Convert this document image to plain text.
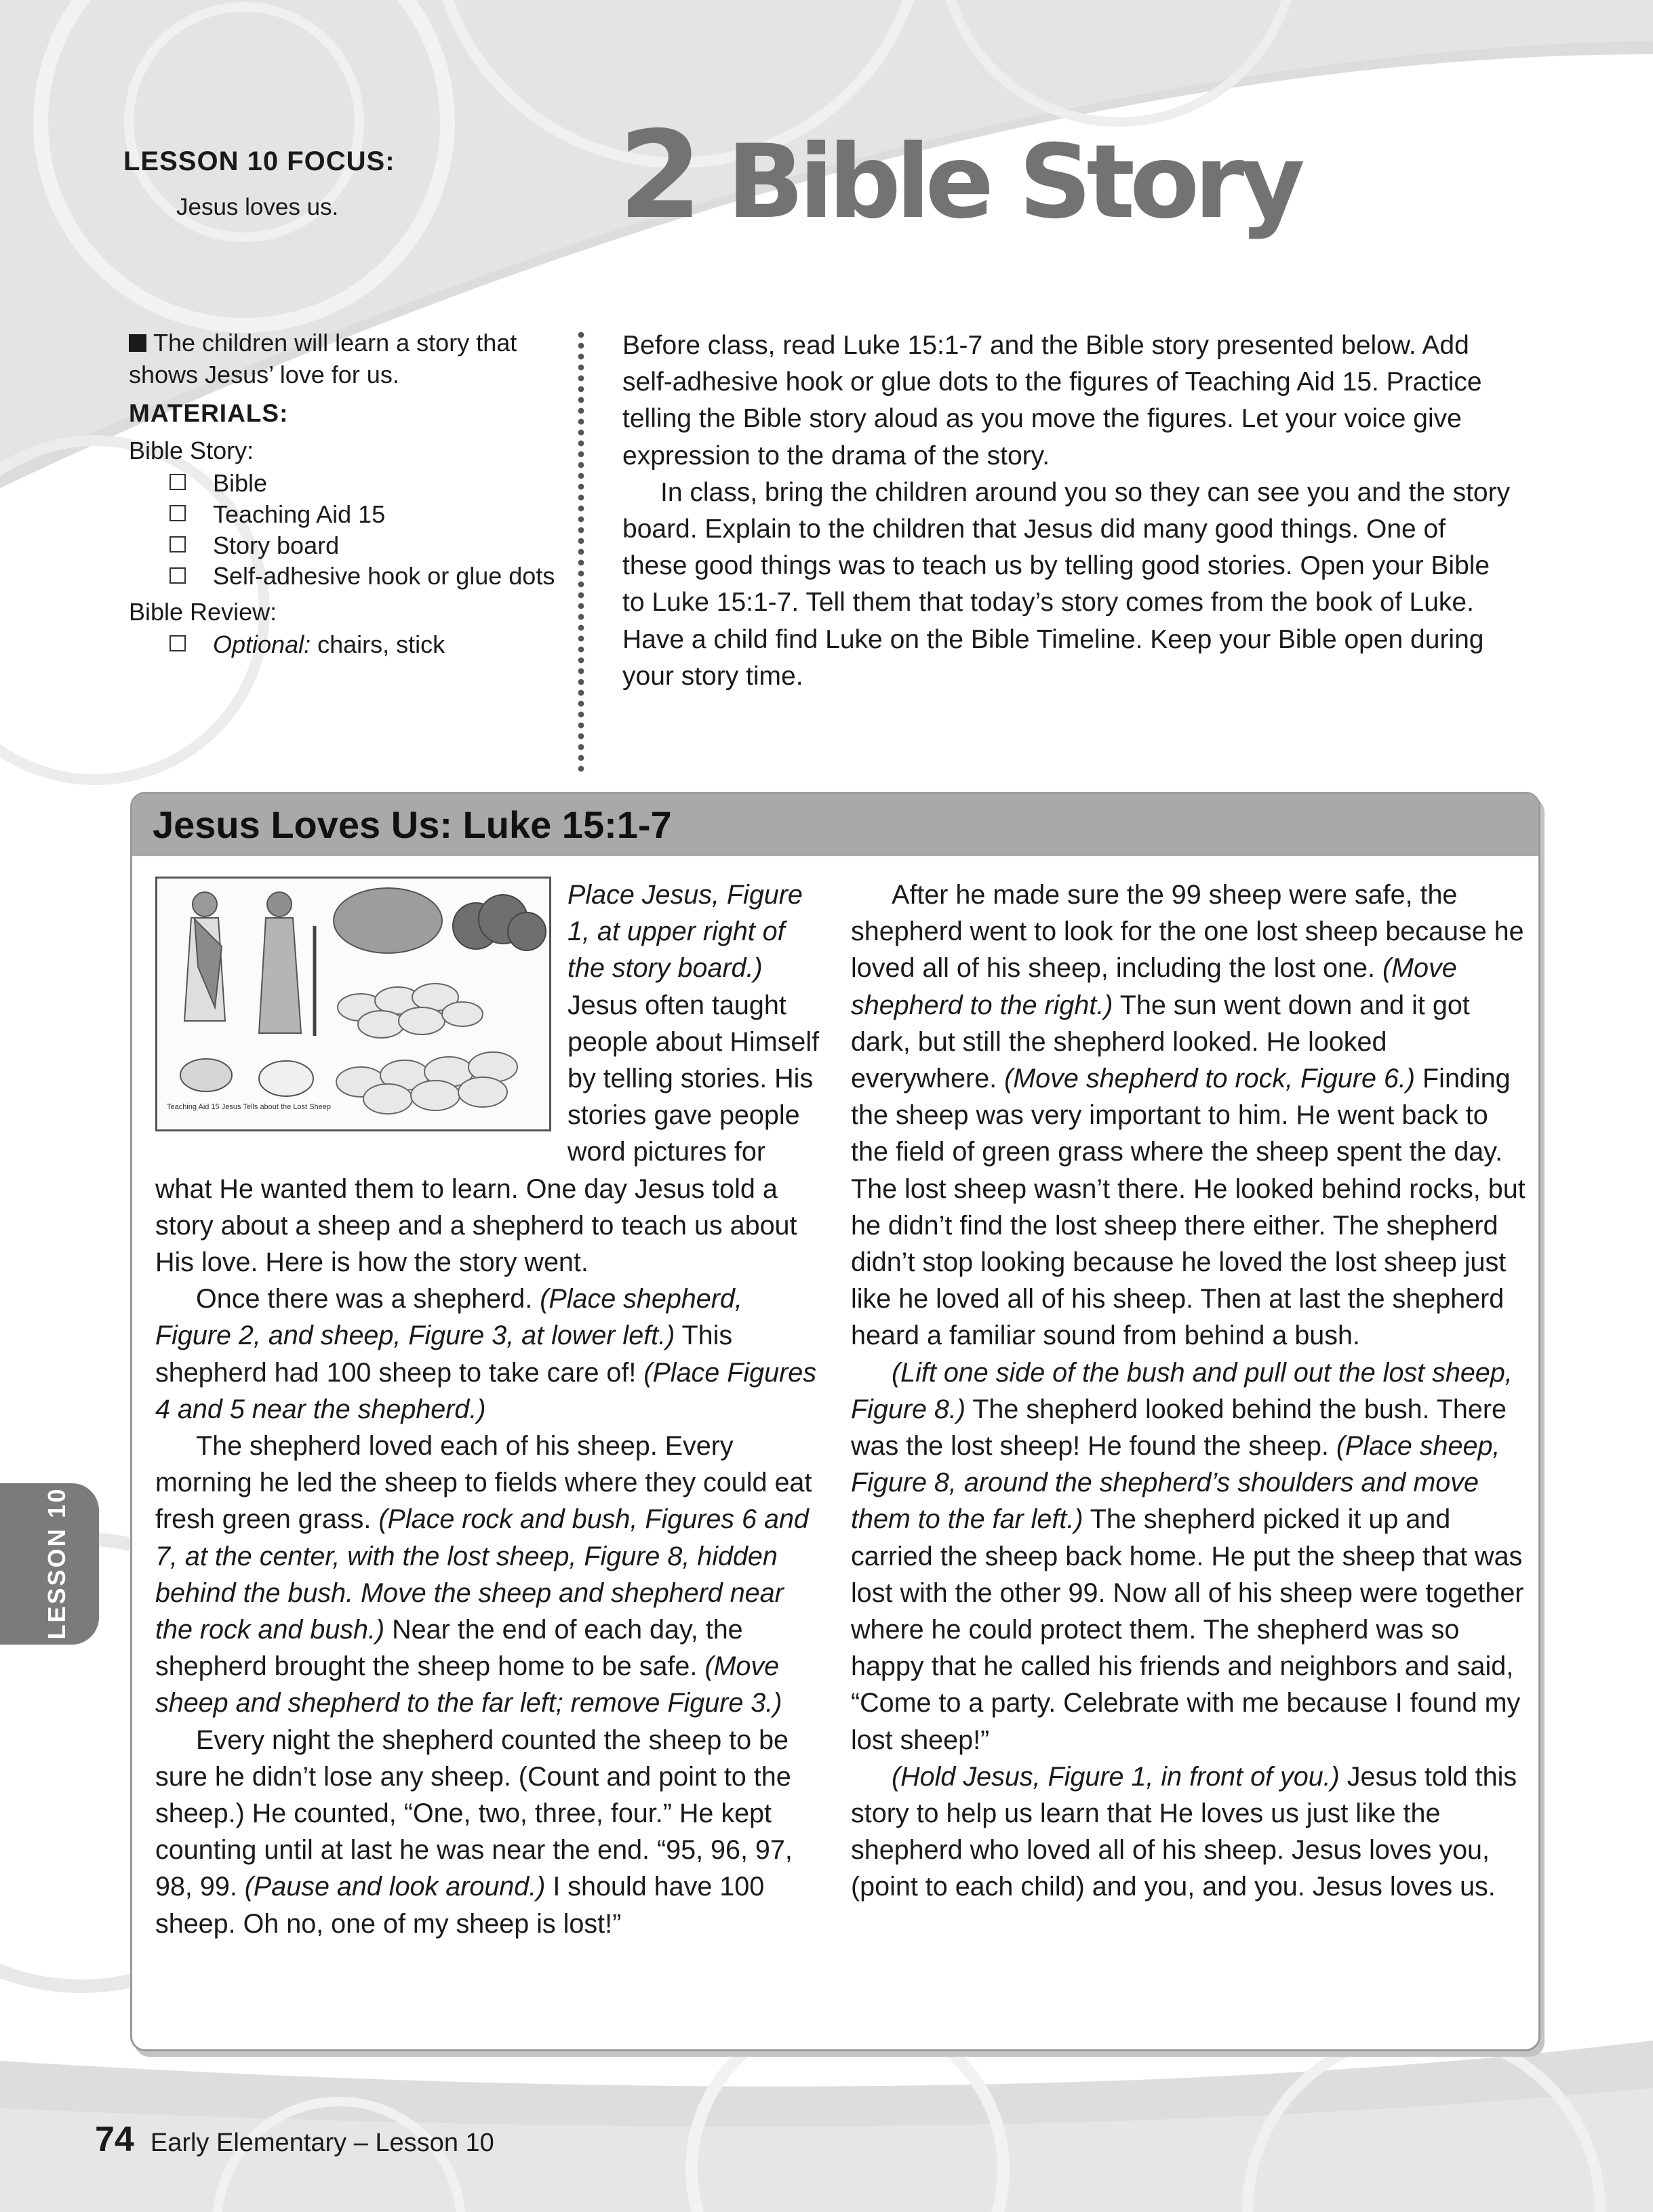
LESSON 10 FOCUS:

Jesus loves us. 2 Bible Story

The children will learn a story that shows Jesus’ love for us.

MATERIALS:

Bible Story:

Bible
Teaching Aid 15
Story board
Self-adhesive hook or glue dots

Bible Review:

Optional: chairs, stick

Before class, read Luke 15:1-7 and the Bible story presented below. Add self-adhesive hook or glue dots to the figures of Teaching Aid 15. Practice telling the Bible story aloud as you move the figures. Let your voice give expression to the drama of the story.

In class, bring the children around you so they can see you and the story board. Explain to the children that Jesus did many good things. One of these good things was to teach us by telling good stories. Open your Bible to Luke 15:1-7. Tell them that today’s story comes from the book of Luke. Have a child find Luke on the Bible Timeline. Keep your Bible open during your story time.

Jesus Loves Us: Luke 15:1-7
Teaching Aid 15 Jesus Tells about the Lost Sheep

Place Jesus, Figure 1, at upper right of the story board.) Jesus often taught people about Himself by telling stories. His stories gave people word pictures for what He wanted them to learn. One day Jesus told a story about a sheep and a shepherd to teach us about His love. Here is how the story went.

Once there was a shepherd. (Place shepherd, Figure 2, and sheep, Figure 3, at lower left.) This shepherd had 100 sheep to take care of! (Place Figures 4 and 5 near the shepherd.)

The shepherd loved each of his sheep. Every morning he led the sheep to fields where they could eat fresh green grass. (Place rock and bush, Figures 6 and 7, at the center, with the lost sheep, Figure 8, hidden behind the bush. Move the sheep and shepherd near the rock and bush.) Near the end of each day, the shepherd brought the sheep home to be safe. (Move sheep and shepherd to the far left; remove Figure 3.)

Every night the shepherd counted the sheep to be sure he didn’t lose any sheep. (Count and point to the sheep.) He counted, “One, two, three, four.” He kept counting until at last he was near the end. “95, 96, 97, 98, 99. (Pause and look around.) I should have 100 sheep. Oh no, one of my sheep is lost!”

After he made sure the 99 sheep were safe, the shepherd went to look for the one lost sheep because he loved all of his sheep, including the lost one. (Move shepherd to the right.) The sun went down and it got dark, but still the shepherd looked. He looked everywhere. (Move shepherd to rock, Figure 6.) Finding the sheep was very important to him. He went back to the field of green grass where the sheep spent the day. The lost sheep wasn’t there. He looked behind rocks, but he didn’t find the lost sheep there either. The shepherd didn’t stop looking because he loved the lost sheep just like he loved all of his sheep. Then at last the shepherd heard a familiar sound from behind a bush.

(Lift one side of the bush and pull out the lost sheep, Figure 8.) The shepherd looked behind the bush. There was the lost sheep! He found the sheep. (Place sheep, Figure 8, around the shepherd’s shoulders and move them to the far left.) The shepherd picked it up and carried the sheep back home. He put the sheep that was lost with the other 99. Now all of his sheep were together where he could protect them. The shepherd was so happy that he called his friends and neighbors and said, “Come to a party. Celebrate with me because I found my lost sheep!”

(Hold Jesus, Figure 1, in front of you.) Jesus told this story to help us learn that He loves us just like the shepherd who loved all of his sheep. Jesus loves you, (point to each child) and you, and you. Jesus loves us.

LESSON 10
74 Early Elementary – Lesson 10
